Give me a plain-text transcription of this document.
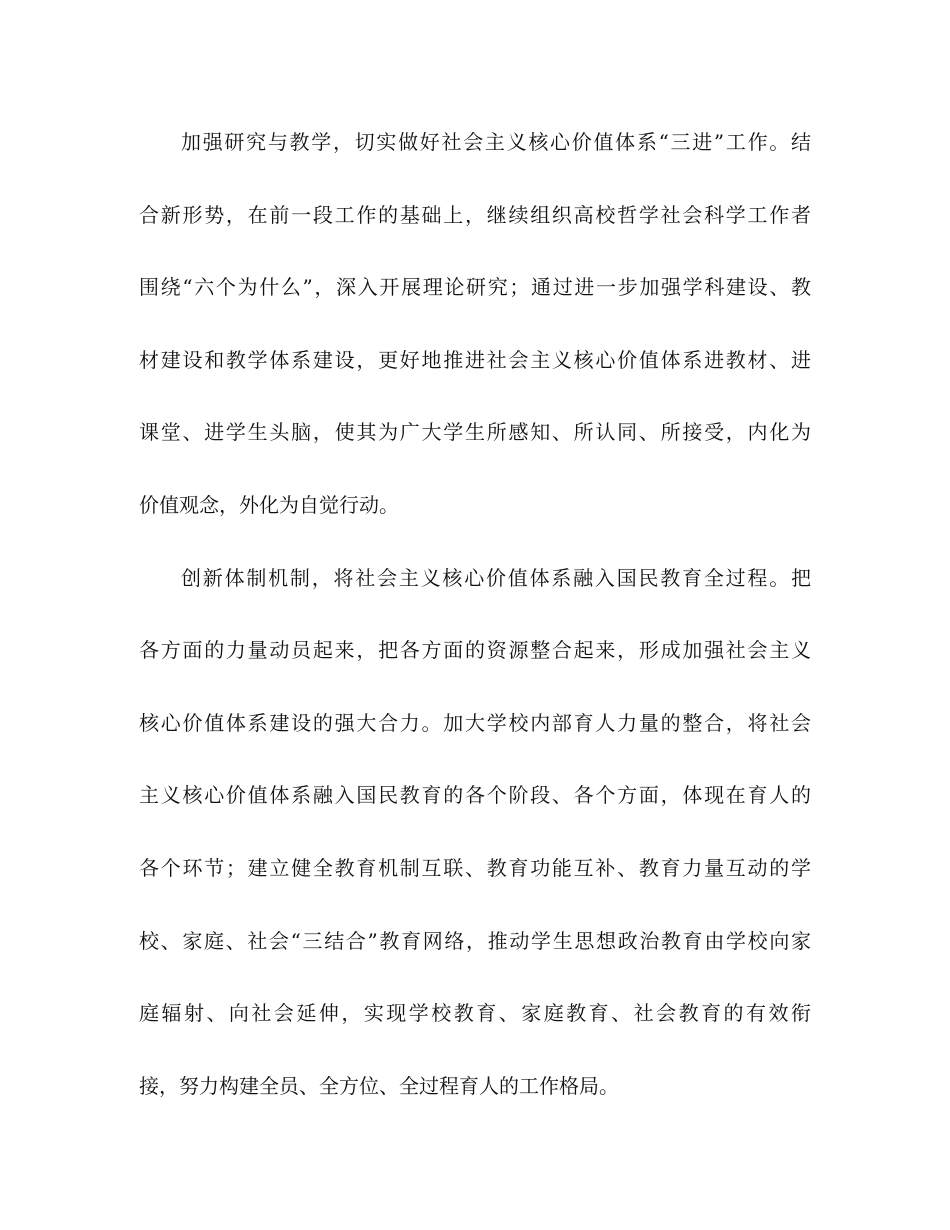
加强研究与教学，切实做好社会主义核心价值体系“三进”工作。结
合新形势，在前一段工作的基础上，继续组织高校哲学社会科学工作者
围绕“六个为什么”，深入开展理论研究；通过进一步加强学科建设、教
材建设和教学体系建设，更好地推进社会主义核心价值体系进教材、进
课堂、进学生头脑，使其为广大学生所感知、所认同、所接受，内化为
价值观念，外化为自觉行动。
创新体制机制，将社会主义核心价值体系融入国民教育全过程。把
各方面的力量动员起来，把各方面的资源整合起来，形成加强社会主义
核心价值体系建设的强大合力。加大学校内部育人力量的整合，将社会
主义核心价值体系融入国民教育的各个阶段、各个方面，体现在育人的
各个环节；建立健全教育机制互联、教育功能互补、教育力量互动的学
校、家庭、社会“三结合”教育网络，推动学生思想政治教育由学校向家
庭辐射、向社会延伸，实现学校教育、家庭教育、社会教育的有效衔
接，努力构建全员、全方位、全过程育人的工作格局。
